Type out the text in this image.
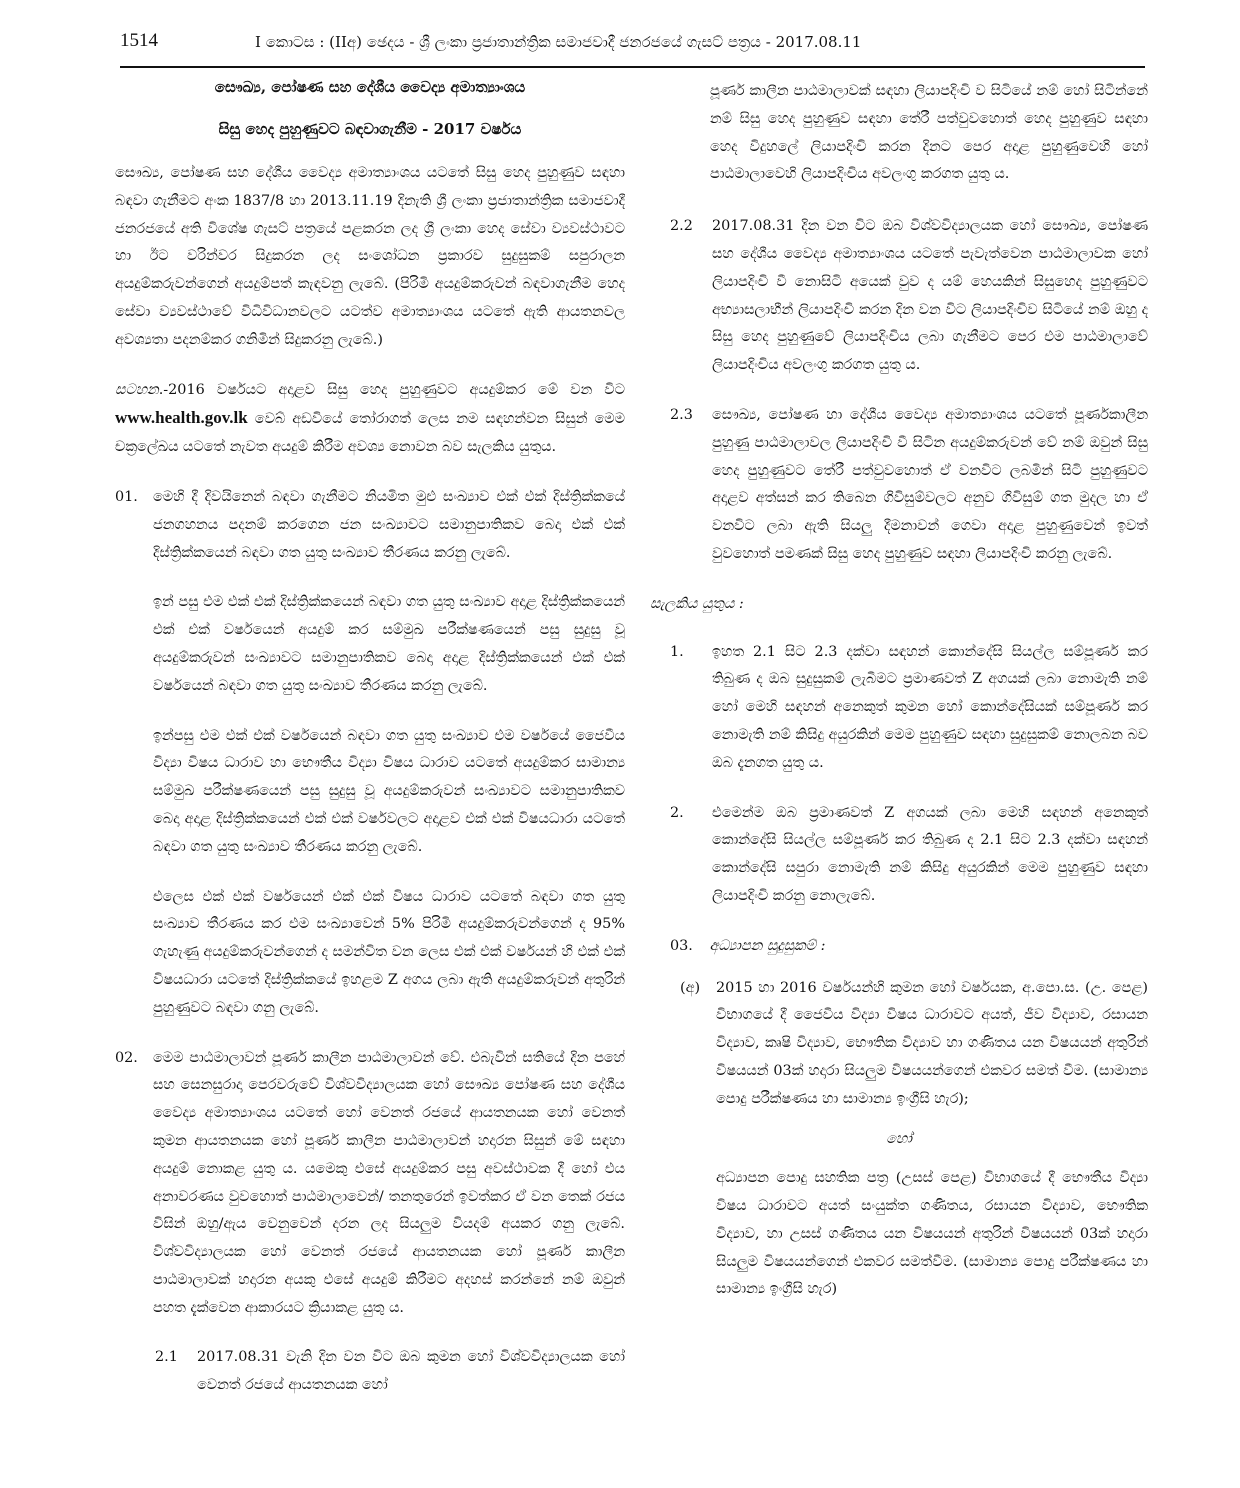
1514	I කොටස : (IIඅ) ඡෙදය - ශ්‍රී ලංකා ප්‍රජාතාන්ත්‍රික සමාජවාදී ජනරජයේ ගැසට් පත්‍රය - 2017.08.11
සෞඛ්‍ය, පෝෂණ සහ දේශීය වෛද්‍ය අමාත්‍යාංශය
සිසු හෙද පුහුණුවට බඳවාගැනීම - 2017 වර්ෂය

සෞඛ්‍ය, පෝෂණ සහ දේශීය වෛද්‍ය අමාත්‍යාංශය යටතේ සිසු හෙද පුහුණුව සඳහා බඳවා ගැනීමට අංක 1837/8 හා 2013.11.19 දිනැති ශ්‍රී ලංකා ප්‍රජාතාන්ත්‍රික සමාජවාදී ජනරජයේ අති විශේෂ ගැසට් පත්‍රයේ පළකරන ලද ශ්‍රී ලංකා හෙද සේවා ව්‍යවස්ථාවට හා ඊට වරින්වර සිදුකරන ලද සංශෝධන ප්‍රකාරව සුදුසුකම් සපුරාලන අයදුම්කරුවන්ගෙන් අයදුම්පත් කැඳවනු ලැබේ. (පිරිමි අයදුම්කරුවන් බඳවාගැනීම හෙද සේවා ව්‍යවස්ථාවේ විධිවිධානවලට යටත්ව අමාත්‍යාංශය යටතේ ඇති ආයතනවල අවශ්‍යතා පදනම්කර ගනිමින් සිදුකරනු ලැබේ.)

සටහන.-2016 වර්ෂයට අදාළව සිසු හෙද පුහුණුවට අයදුම්කර මේ වන විට www.health.gov.lk වෙබ් අඩවියේ තෝරාගත් ලෙස නම සඳහන්වන සිසුන් මෙම චක්‍රලේඛය යටතේ නැවත අයදුම් කිරීම අවශ්‍ය නොවන බව සැලකිය යුතුය.

01. මෙහි දී දිවයිනෙන් බඳවා ගැනීමට නියමිත මුළු සංඛ්‍යාව එක් එක් දිස්ත්‍රික්කයේ ජනගහනය පදනම් කරගෙන ජන සංඛ්‍යාවට සමානුපාතිකව බෙදා එක් එක් දිස්ත්‍රික්කයෙන් බඳවා ගත යුතු සංඛ්‍යාව තීරණය කරනු ලැබේ.

ඉන් පසු එම එක් එක් දිස්ත්‍රික්කයෙන් බඳවා ගත යුතු සංඛ්‍යාව අදාළ දිස්ත්‍රික්කයෙන් එක් එක් වර්ෂයෙන් අයදුම් කර සම්මුඛ පරීක්ෂණයෙන් පසු සුදුසු වූ අයදුම්කරුවන් සංඛ්‍යාවට සමානුපාතිකව බෙදා අදාළ දිස්ත්‍රික්කයෙන් එක් එක් වර්ෂයෙන් බඳවා ගත යුතු සංඛ්‍යාව තීරණය කරනු ලැබේ.

ඉන්පසු එම එක් එක් වර්ෂයෙන් බඳවා ගත යුතු සංඛ්‍යාව එම වර්ෂයේ ජෛවීය විද්‍යා විෂය ධාරාව හා භෞතීය විද්‍යා විෂය ධාරාව යටතේ අයදුම්කර සාමාන්‍ය සම්මුඛ පරීක්ෂණයෙන් පසු සුදුසු වූ අයදුම්කරුවන් සංඛ්‍යාවට සමානුපාතිකව බෙදා අදාළ දිස්ත්‍රික්කයෙන් එක් එක් වර්ෂවලට අදාළව එක් එක් විෂයධාරා යටතේ බඳවා ගත යුතු සංඛ්‍යාව තීරණය කරනු ලැබේ.

එලෙස එක් එක් වර්ෂයෙන් එක් එක් විෂය ධාරාව යටතේ බඳවා ගත යුතු සංඛ්‍යාව තීරණය කර එම සංඛ්‍යාවෙන් 5% පිරිමි අයදුම්කරුවන්ගෙන් ද 95% ගැහැණු අයදුම්කරුවන්ගෙන් ද සමන්විත වන ලෙස එක් එක් වර්ෂයන් හි එක් එක් විෂයධාරා යටතේ දිස්ත්‍රික්කයේ ඉහළම Z අගය ලබා ඇති අයදුම්කරුවන් අතුරින් පුහුණුවට බඳවා ගනු ලැබේ.

02. මෙම පාඨමාලාවන් පූර්ණ කාලීන පාඨමාලාවන් වේ. එබැවින් සතියේ දින පහේ සහ සෙනසුරාදා පෙරවරුවේ විශ්වවිද්‍යාලයක හෝ සෞඛ්‍ය පෝෂණ සහ දේශීය වෛද්‍ය අමාත්‍යාංශය යටතේ හෝ වෙනත් රජයේ ආයතනයක හෝ වෙනත් කුමන ආයතනයක හෝ පූර්ණ කාලීන පාඨමාලාවන් හදාරන සිසුන් මේ සඳහා අයදුම් නොකළ යුතු ය. යමෙකු එසේ අයදුම්කර පසු අවස්ථාවක දී හෝ එය අනාවරණය වුවහොත් පාඨමාලාවෙන්/ තනතුරෙන් ඉවත්කර ඒ වන තෙක් රජය විසින් ඔහු/ඇය වෙනුවෙන් දරන ලද සියලුම වියදම් අයකර ගනු ලැබේ. විශ්වවිද්‍යාලයක හෝ වෙනත් රජයේ ආයතනයක හෝ පූර්ණ කාලීන පාඨමාලාවක් හදාරන අයකු එසේ අයදුම් කිරීමට අදහස් කරන්නේ නම් ඔවුන් පහත දැක්වෙන ආකාරයට ක්‍රියාකළ යුතු ය.

2.1 2017.08.31 වැනි දින වන විට ඔබ කුමන හෝ විශ්වවිද්‍යාලයක හෝ වෙනත් රජයේ ආයතනයක හෝ

පූර්ණ කාලීන පාඨමාලාවක් සඳහා ලියාපදිංචි ව සිටියේ නම් හෝ සිටින්නේ නම් සිසු හෙද පුහුණුව සඳහා තේරී පත්වුවහොත් හෙද පුහුණුව සඳහා හෙද විදුහලේ ලියාපදිංචි කරන දිනට පෙර අදාළ පුහුණුවෙහි හෝ පාඨමාලාවෙහි ලියාපදිංචිය අවලංගු කරගත යුතු ය.

2.2 2017.08.31 දින වන විට ඔබ විශ්වවිද්‍යාලයක හෝ සෞඛ්‍ය, පෝෂණ සහ දේශීය වෛද්‍ය අමාත්‍යාංශය යටතේ පැවැත්වෙන පාඨමාලාවක හෝ ලියාපදිංචි වී නොසිටි අයෙක් වුව ද යම් හෙයකින් සිසුහෙද පුහුණුවට අභ්‍යාසලාභීන් ලියාපදිංචි කරන දින වන විට ලියාපදිංචිව සිටියේ නම් ඔහු ද සිසු හෙද පුහුණුවේ ලියාපදිංචිය ලබා ගැනීමට පෙර එම පාඨමාලාවේ ලියාපදිංචිය අවලංගු කරගත යුතු ය.
2.3 සෞඛ්‍ය, පෝෂණ හා දේශීය වෛද්‍ය අමාත්‍යාංශය යටතේ පූර්ණකාලීන පුහුණු පාඨමාලාවල ලියාපදිංචි වී සිටින අයදුම්කරුවන් වේ නම් ඔවුන් සිසු හෙද පුහුණුවට තේරී පත්වුවහොත් ඒ වනවිට ලබමින් සිටි පුහුණුවට අදාළව අත්සන් කර තිබෙන ගිවිසුම්වලට අනුව ගිවිසුම් ගත මුදල හා ඒ වනවිට ලබා ඇති සියලු දීමනාවන් ගෙවා අදාළ පුහුණුවෙන් ඉවත් වුවහොත් පමණක් සිසු හෙද පුහුණුව සඳහා ලියාපදිංචි කරනු ලැබේ.
සැලකිය යුතුය :
1. ඉහත 2.1 සිට 2.3 දක්වා සඳහන් කොන්දේසි සියල්ල සම්පූර්ණ කර තිබුණ ද ඔබ සුදුසුකම් ලැබීමට ප්‍රමාණවත් Z අගයක් ලබා නොමැති නම් හෝ මෙහි සඳහන් අනෙකුත් කුමන හෝ කොන්දේසියක් සම්පූර්ණ කර නොමැති නම් කිසිදු අයුරකින් මෙම පුහුණුව සඳහා සුදුසුකම් නොලබන බව ඔබ දැනගත යුතු ය.
2. එමෙන්ම ඔබ ප්‍රමාණවත් Z අගයක් ලබා මෙහි සඳහන් අනෙකුත් කොන්දේසි සියල්ල සම්පූර්ණ කර තිබුණ ද 2.1 සිට 2.3 දක්වා සඳහන් කොන්දේසි සපුරා නොමැති නම් කිසිදු අයුරකින් මෙම පුහුණුව සඳහා ලියාපදිංචි කරනු නොලැබේ.
03. අධ්‍යාපන සුදුසුකම් :
(අ) 2015 හා 2016 වර්ෂයන්හි කුමන හෝ වර්ෂයක, අ.පො.ස. (උ. පෙළ) විභාගයේ දී ජෛවීය විද්‍යා විෂය ධාරාවට අයත්, ජීව විද්‍යාව, රසායන විද්‍යාව, කෘෂි විද්‍යාව, භෞතික විද්‍යාව හා ගණිතය යන විෂයයන් අතුරින් විෂයයන් 03ක් හදාරා සියලුම විෂයයන්ගෙන් එකවර සමත් වීම. (සාමාන්‍ය පොදු පරීක්ෂණය හා සාමාන්‍ය ඉංග්‍රීසි හැර);
හෝ

අධ්‍යාපන පොදු සහතික පත්‍ර (උසස් පෙළ) විභාගයේ දී භෞතීය විද්‍යා විෂය ධාරාවට අයත් සංයුක්ත ගණිතය, රසායන විද්‍යාව, භෞතික විද්‍යාව, හා උසස් ගණිතය යන විෂයයන් අතුරින් විෂයයන් 03ක් හදාරා සියලුම විෂයයන්ගෙන් එකවර සමත්වීම. (සාමාන්‍ය පොදු පරීක්ෂණය හා සාමාන්‍ය ඉංග්‍රීසි හැර)
